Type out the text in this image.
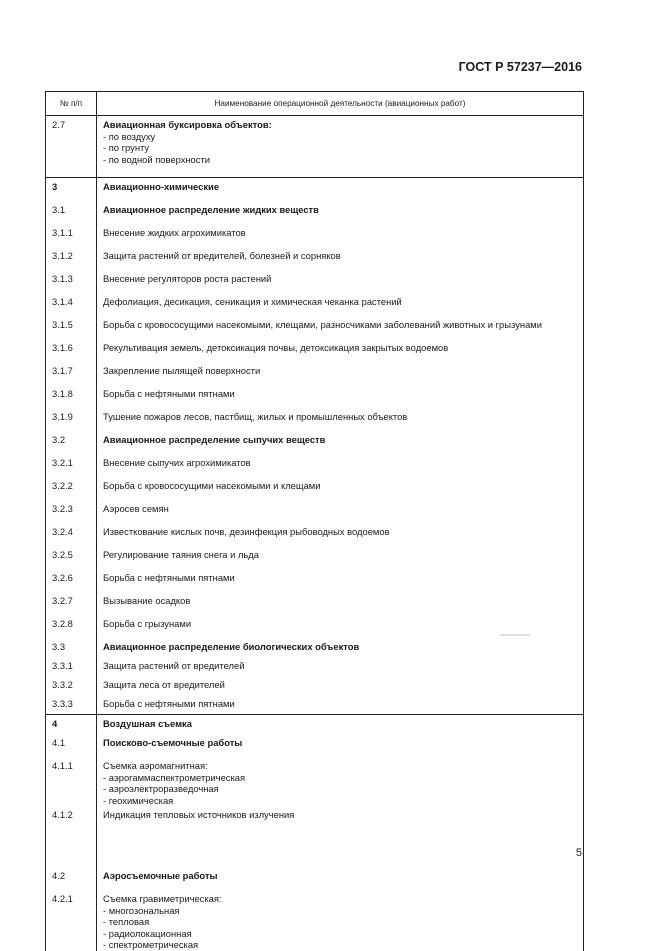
ГОСТ Р 57237—2016
№ п/п	Наименование операционной деятельности (авиационных работ)
2.7	Авиационная буксировка объектов:
- по воздуху
- по грунту
- по водной поверхности

3	Авиационно-химические

3.1	Авиационное распределение жидких веществ

3.1.1	Внесение жидких агрохимикатов

3.1.2	Защита растений от вредителей, болезней и сорняков

3.1.3	Внесение регуляторов роста растений

3.1.4	Дефолиация, десикация, сеникация и химическая чеканка растений

3.1.5	Борьба с кровососущими насекомыми, клещами, разносчиками заболеваний животных и грызунами

3.1.6	Рекультивация земель, детоксикация почвы, детоксикация закрытых водоемов

3.1.7	Закрепление пылящей поверхности

3.1.8	Борьба с нефтяными пятнами

3.1.9	Тушение пожаров лесов, пастбищ, жилых и промышленных объектов

3.2	Авиационное распределение сыпучих веществ

3.2.1	Внесение сыпучих агрохимикатов

3.2.2	Борьба с кровососущими насекомыми и клещами

3.2.3	Аэросев семян

3.2.4	Известкование кислых почв, дезинфекция рыбоводных водоемов

3.2.5	Регулирование таяния снега и льда

3.2.6	Борьба с нефтяными пятнами

3.2.7	Вызывание осадков

3.2.8	Борьба с грызунами

3.3	Авиационное распределение биологических объектов

3.3.1	Защита растений от вредителей

3.3.2	Защита леса от вредителей

3.3.3	Борьба с нефтяными пятнами

4	Воздушная съемка

4.1	Поисково-съемочные работы

4.1.1	Съемка аэромагнитная:
- аэрогаммаспектрометрическая
- аэроэлектроразведочная
- геохимическая

4.1.2	Индикация тепловых источников излучения

4.2	Аэросъемочные работы

4.2.1	Съемка гравиметрическая:
- многозональная
- тепловая
- радиолокационная
- спектрометрическая
5
